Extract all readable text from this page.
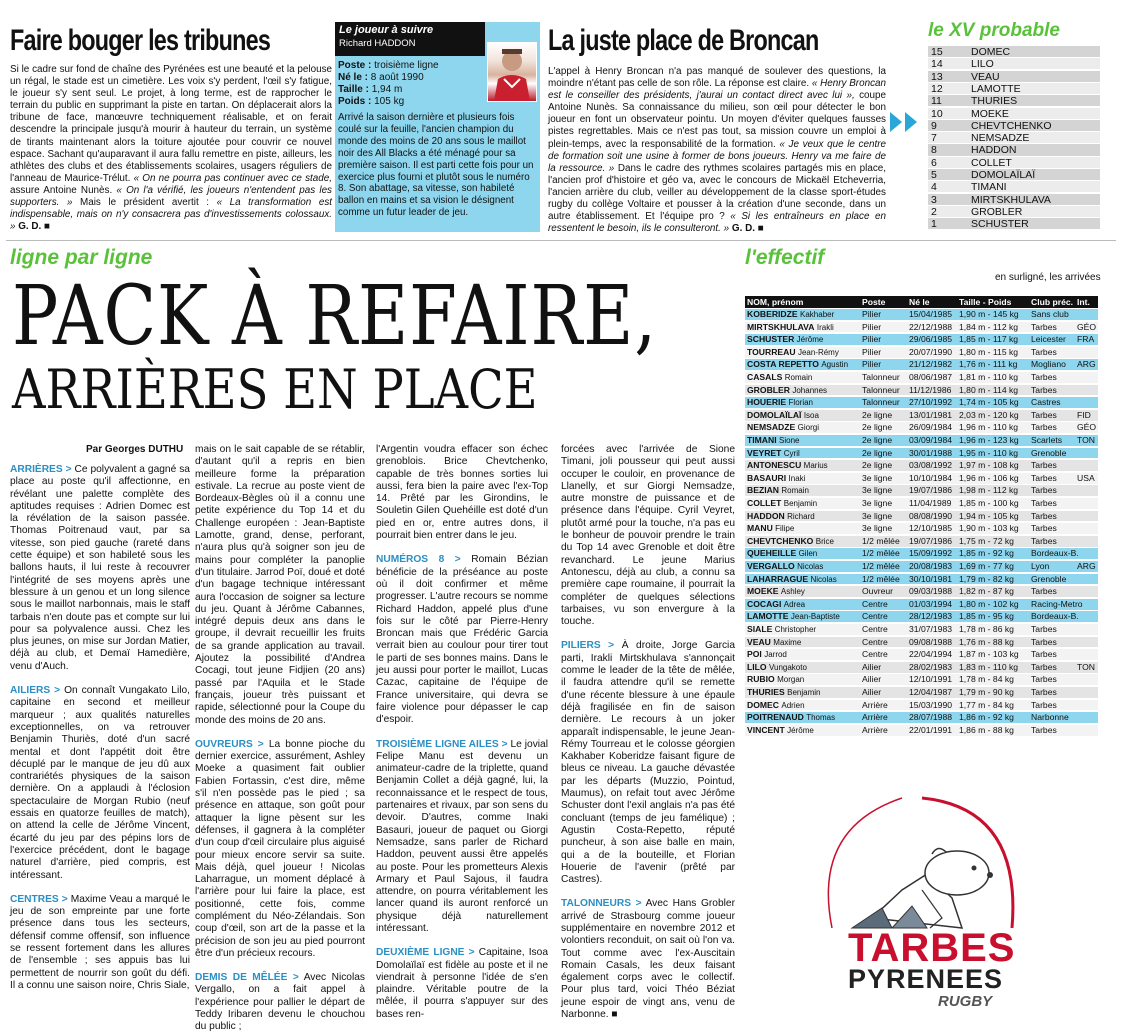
Faire bouger les tribunes
Si le cadre sur fond de chaîne des Pyrénées est une beauté et la pelouse un régal, le stade est un cimetière. Les voix s'y perdent, l'œil s'y fatigue, le joueur s'y sent seul. Le projet, à long terme, est de rapprocher le terrain du public en supprimant la piste en tartan. On déplacerait alors la tribune de face, manœuvre techniquement réalisable, et on ferait descendre la principale jusqu'à mourir à hauteur du terrain, un système de tirants maintenant alors la toiture ajoutée pour couvrir ce nouvel espace. Sachant qu'auparavant il aura fallu remettre en piste, ailleurs, les athlètes des clubs et des établissements scolaires, usagers réguliers de l'anneau de Maurice-Trélut. « On ne pourra pas continuer avec ce stade, assure Antoine Nunès. « On l'a vérifié, les joueurs n'entendent pas les supporters. » Mais le président avertit : « La transformation est indispensable, mais on n'y consacrera pas d'investissements colossaux. » G. D. ■
Le joueur à suivre
Richard HADDON
Poste : troisième ligne
Né le : 8 août 1990
Taille : 1,94 m
Poids : 105 kg
Arrivé la saison dernière et plusieurs fois coulé sur la feuille, l'ancien champion du monde des moins de 20 ans sous le maillot noir des All Blacks a été ménagé pour sa première saison. Il est parti cette fois pour un exercice plus fourni et plutôt sous le numéro 8. Son abattage, sa vitesse, son habileté ballon en mains et sa vision le désignent comme un futur leader de jeu.
La juste place de Broncan
L'appel à Henry Broncan n'a pas manqué de soulever des questions, la moindre n'étant pas celle de son rôle. La réponse est claire. « Henry Broncan est le conseiller des présidents, j'aurai un contact direct avec lui », coupe Antoine Nunès. Sa connaissance du milieu, son œil pour détecter le bon joueur en font un observateur pointu. Un moyen d'éviter quelques fausses pistes regrettables. Mais ce n'est pas tout, sa mission couvre un emploi à plein-temps, avec la responsabilité de la formation. « Je veux que le centre de formation soit une usine à former de bons joueurs. Henry va me faire de la ressource. » Dans le cadre des rythmes scolaires partagés mis en place, l'ancien prof d'histoire et géo va, avec le concours de Mickaël Etcheverria, l'ancien arrière du club, veiller au développement de la classe sport-études rugby du collège Voltaire et pousser à la création d'une seconde, dans un autre établissement. Et l'équipe pro ? « Si les entraîneurs en place en ressentent le besoin, ils le consulteront. » G. D. ■
le XV probable
15	DOMEC
14	LILO
13	VEAU
12	LAMOTTE
11	THURIES
10	MOEKE
9	CHEVTCHENKO
7	NEMSADZE
8	HADDON
6	COLLET
5	DOMOLAÏLAÏ
4	TIMANI
3	MIRTSKHULAVA
2	GROBLER
1	SCHUSTER
ligne par ligne	l'effectif
en surligné, les arrivées
PACK À REFAIRE,
ARRIÈRES EN PLACE
NOM, prénom	Poste	Né le	Taille - Poids	Club préc. Int.
KOBERIDZE Kakhaber	Pilier	15/04/1985 1,90 m - 145 kg	Sans club
MIRTSKHULAVA Irakli	Pilier	22/12/1988 1,84 m - 112 kg	Tarbes	GÉO
SCHUSTER Jérôme	Pilier	29/06/1985 1,85 m - 117 kg	Leicester	FRA
TOURREAU Jean-Rémy	Pilier	20/07/1990 1,80 m - 115 kg	Tarbes
COSTA REPETTO Agustin	Pilier	21/12/1982 1,76 m - 111 kg	Mogliano	ARG
CASALS Romain	Talonneur	08/06/1987 1,81 m - 110 kg	Tarbes
GROBLER Johannes	Talonneur	11/12/1986 1,80 m - 114 kg	Tarbes
HOUERIE Florian	Talonneur	27/10/1992 1,74 m - 105 kg	Castres
DOMOLAÏLAÏ Isoa	2e ligne	13/01/1981 2,03 m - 120 kg	Tarbes	FID
NEMSADZE Giorgi	2e ligne	26/09/1984 1,96 m - 110 kg	Tarbes	GÉO
TIMANI Sione	2e ligne	03/09/1984 1,96 m - 123 kg	Scarlets	TON
VEYRET Cyril	2e ligne	30/01/1988 1,95 m - 110 kg	Grenoble
ANTONESCU Marius	2e ligne	03/08/1992 1,97 m - 108 kg	Tarbes
BASAURI Inaki	3e ligne	10/10/1984 1,96 m - 106 kg	Tarbes	USA
BEZIAN Romain	3e ligne	19/07/1986 1,98 m - 112 kg	Tarbes
COLLET Benjamin	3e ligne	11/04/1989 1,85 m - 100 kg	Tarbes
HADDON Richard	3e ligne	08/08/1990 1,94 m - 105 kg	Tarbes
MANU Filipe	3e ligne	12/10/1985 1,90 m - 103 kg	Tarbes
CHEVTCHENKO Brice	1/2 mêlée	19/07/1986 1,75 m - 72 kg	Tarbes
QUEHEILLE Gilen	1/2 mêlée	15/09/1992 1,85 m - 92 kg	Bordeaux-B.
VERGALLO Nicolas	1/2 mêlée	20/08/1983 1,69 m - 77 kg	Lyon	ARG
LAHARRAGUE Nicolas	1/2 mêlée	30/10/1981 1,79 m - 82 kg	Grenoble
MOEKE Ashley	Ouvreur	09/03/1988 1,82 m - 87 kg	Tarbes
COCAGI Adrea	Centre	01/03/1994 1,80 m - 102 kg	Racing-Metro
LAMOTTE Jean-Baptiste	Centre	28/12/1983 1,85 m - 95 kg	Bordeaux-B.
SIALE Christopher	Centre	31/07/1983 1,78 m - 86 kg	Tarbes
VEAU Maxime	Centre	09/08/1988 1,76 m - 88 kg	Tarbes
POI Jarrod	Centre	22/04/1994 1,87 m - 103 kg	Tarbes
LILO Vungakoto	Ailier	28/02/1983 1,83 m - 110 kg	Tarbes	TON
RUBIO Morgan	Ailier	12/10/1991 1,78 m - 84 kg	Tarbes
THURIES Benjamin	Ailier	12/04/1987 1,79 m - 90 kg	Tarbes
DOMEC Adrien	Arrière	15/03/1990 1,77 m - 84 kg	Tarbes
POITRENAUD Thomas	Arrière	28/07/1988 1,86 m - 92 kg	Narbonne
VINCENT Jérôme	Arrière	22/01/1991 1,86 m - 88 kg	Tarbes
TARBES
PYRENEES
RUGBY
Par Georges DUTHU

ARRIÈRES > Ce polyvalent a gagné sa place au poste qu'il affectionne, en révélant une palette complète des aptitudes requises : Adrien Domec est la révélation de la saison passée. Thomas Poitrenaud vaut, par sa vitesse, son pied gauche (rareté dans cette équipe) et son habileté sous les ballons hauts, il lui reste à recouvrer l'intégrité de ses moyens après une blessure à un genou et un long silence sous le maillot narbonnais, mais le staff tarbais n'en doute pas et compte sur lui pour sa polyvalence aussi. Chez les plus jeunes, on mise sur Jordan Matier, déjà au club, et Demaï Hamedière, venu d'Auch.

AILIERS > On connaît Vungakato Lilo, capitaine en second et meilleur marqueur ; aux qualités naturelles exceptionnelles, on va retrouver Benjamin Thuriès, doté d'un sacré mental et dont l'appétit doit être décuplé par le manque de jeu dû aux contrariétés physiques de la saison dernière. On a applaudi à l'éclosion spectaculaire de Morgan Rubio (neuf essais en quatorze feuilles de match), on attend la celle de Jérôme Vincent, écarté du jeu par des pépins lors de l'exercice précédent, dont le bagage naturel d'arrière, pied compris, est intéressant.

CENTRES > Maxime Veau a marqué le jeu de son empreinte par une forte présence dans tous les secteurs, défensif comme offensif, son influence se ressent fortement dans les allures de l'ensemble ; ses appuis bas lui permettent de nourrir son goût du défi. Il a connu une saison noire, Chris Siale,

mais on le sait capable de se rétablir, d'autant qu'il a repris en bien meilleure forme la préparation estivale. La recrue au poste vient de Bordeaux-Bègles où il a connu une petite expérience du Top 14 et du Challenge européen : Jean-Baptiste Lamotte, grand, dense, perforant, n'aura plus qu'à soigner son jeu de mains pour compléter la panoplie d'un titulaire. Jarrod Poï, doué et doté d'un bagage technique intéressant aura l'occasion de soigner sa lecture du jeu. Quant à Jérôme Cabannes, intégré depuis deux ans dans le groupe, il devrait recueillir les fruits de sa grande application au travail. Ajoutez la possibilité d'Andrea Cocagi, tout jeune Fidjien (20 ans) passé par l'Aquila et le Stade français, joueur très puissant et rapide, sélectionné pour la Coupe du monde des moins de 20 ans.

OUVREURS > La bonne pioche du dernier exercice, assurément, Ashley Moeke a quasiment fait oublier Fabien Fortassin, c'est dire, même s'il n'en possède pas le pied ; sa présence en attaque, son goût pour attaquer la ligne pèsent sur les défenses, il gagnera à la compléter d'un coup d'œil circulaire plus aiguisé pour mieux encore servir sa suite. Mais déjà, quel joueur ! Nicolas Laharrague, un moment déplacé à l'arrière pour lui faire la place, est positionné, cette fois, comme complément du Néo-Zélandais. Son coup d'œil, son art de la passe et la précision de son jeu au pied pourront être d'un précieux recours.

DEMIS DE MÊLÉE > Avec Nicolas Vergallo, on a fait appel à l'expérience pour pallier le départ de Teddy Iribaren devenu le chouchou du public ;

l'Argentin voudra effacer son échec grenoblois. Brice Chevtchenko, capable de très bonnes sorties lui aussi, fera bien la paire avec l'ex-Top 14. Prêté par les Girondins, le Souletin Gilen Quehéille est doté d'un pied en or, entre autres dons, il pourrait bien entrer dans le jeu.

NUMÉROS 8 > Romain Bézian bénéficie de la préséance au poste où il doit confirmer et même progresser. L'autre recours se nomme Richard Haddon, appelé plus d'une fois sur le côté par Pierre-Henry Broncan mais que Frédéric Garcia verrait bien au coulour pour tirer tout le parti de ses bonnes mains. Dans le jeu aussi pour porter le maillot, Lucas Cazac, capitaine de l'équipe de France universitaire, qui devra se faire violence pour dépasser le cap d'espoir.

TROISIÈME LIGNE AILES > Le jovial Felipe Manu est devenu un animateur-cadre de la triplette, quand Benjamin Collet a déjà gagné, lui, la reconnaissance et le respect de tous, partenaires et rivaux, par son sens du devoir. D'autres, comme Inaki Basauri, joueur de paquet ou Giorgi Nemsadze, sans parler de Richard Haddon, peuvent aussi être appelés au poste. Pour les prometteurs Alexis Armary et Paul Sajous, il faudra attendre, on pourra véritablement les lancer quand ils auront renforcé un physique déjà naturellement intéressant.

DEUXIÈME LIGNE > Capitaine, Isoa Domolaïlaï est fidèle au poste et il ne viendrait à personne l'idée de s'en plaindre. Véritable poutre de la mêlée, il pourra s'appuyer sur des bases ren-

forcées avec l'arrivée de Sione Timani, joli pousseur qui peut aussi occuper le couloir, en provenance de Llanelly, et sur Giorgi Nemsadze, autre monstre de puissance et de présence dans l'équipe. Cyril Veyret, plutôt armé pour la touche, n'a pas eu le bonheur de pouvoir prendre le train du Top 14 avec Grenoble et doit être revanchard. Le jeune Marius Antonescu, déjà au club, a connu sa première cape roumaine, il pourrait la compléter de quelques sélections tarbaises, vu son envergure à la touche.

PILIERS > À droite, Jorge Garcia parti, Irakli Mirtskhulava s'annonçait comme le leader de la tête de mêlée, il faudra attendre qu'il se remette d'une récente blessure à une épaule déjà fragilisée en fin de saison dernière. Le recours à un joker apparaît indispensable, le jeune Jean-Rémy Tourreau et le colosse géorgien Kakhaber Koberidze faisant figure de bleus ce niveau. La gauche dévastée par les départs (Muzzio, Pointud, Maumus), on refait tout avec Jérôme Schuster dont l'exil anglais n'a pas été concluant (temps de jeu famélique) ; Agustin Costa-Repetto, réputé puncheur, à son aise balle en main, qui a de la bouteille, et Florian Houerie de l'avenir (prêté par Castres).

TALONNEURS > Avec Hans Grobler arrivé de Strasbourg comme joueur supplémentaire en novembre 2012 et volontiers reconduit, on sait où l'on va. Tout comme avec l'ex-Auscitain Romain Casals, les deux faisant également corps avec le collectif. Pour plus tard, voici Théo Béziat jeune espoir de vingt ans, venu de Narbonne. ■
